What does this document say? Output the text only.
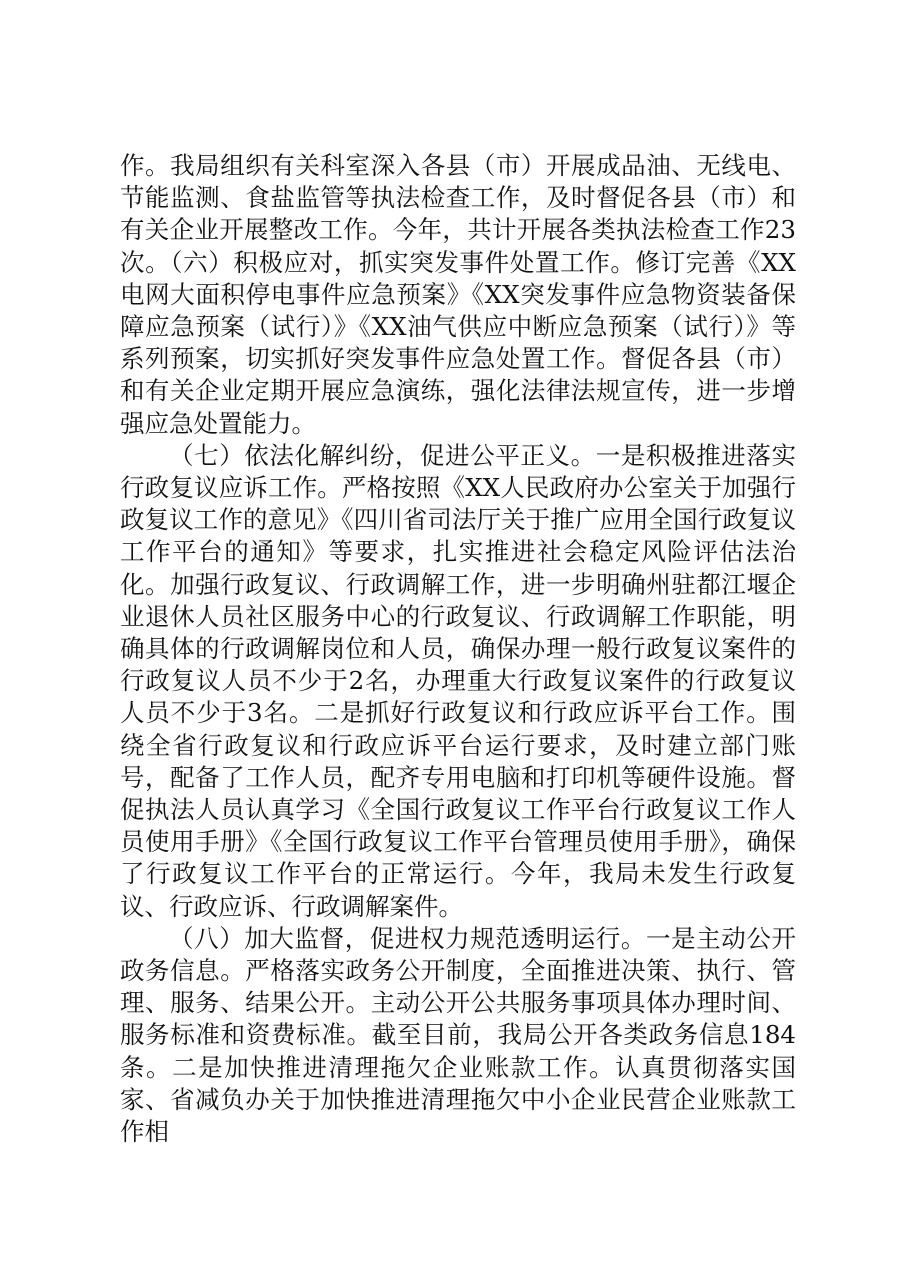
作。我局组织有关科室深入各县（市）开展成品油、无线电、节能监测、食盐监管等执法检查工作，及时督促各县（市）和有关企业开展整改工作。今年，共计开展各类执法检查工作23次。（六）积极应对，抓实突发事件处置工作。修订完善《XX电网大面积停电事件应急预案》《XX突发事件应急物资装备保障应急预案（试行）》《XX油气供应中断应急预案（试行）》等系列预案，切实抓好突发事件应急处置工作。督促各县（市）和有关企业定期开展应急演练，强化法律法规宣传，进一步增强应急处置能力。

（七）依法化解纠纷，促进公平正义。一是积极推进落实行政复议应诉工作。严格按照《XX人民政府办公室关于加强行政复议工作的意见》《四川省司法厅关于推广应用全国行政复议工作平台的通知》等要求，扎实推进社会稳定风险评估法治化。加强行政复议、行政调解工作，进一步明确州驻都江堰企业退休人员社区服务中心的行政复议、行政调解工作职能，明确具体的行政调解岗位和人员，确保办理一般行政复议案件的行政复议人员不少于2名，办理重大行政复议案件的行政复议人员不少于3名。二是抓好行政复议和行政应诉平台工作。围绕全省行政复议和行政应诉平台运行要求，及时建立部门账号，配备了工作人员，配齐专用电脑和打印机等硬件设施。督促执法人员认真学习《全国行政复议工作平台行政复议工作人员使用手册》《全国行政复议工作平台管理员使用手册》，确保了行政复议工作平台的正常运行。今年，我局未发生行政复议、行政应诉、行政调解案件。

（八）加大监督，促进权力规范透明运行。一是主动公开政务信息。严格落实政务公开制度，全面推进决策、执行、管理、服务、结果公开。主动公开公共服务事项具体办理时间、服务标准和资费标准。截至目前，我局公开各类政务信息184条。二是加快推进清理拖欠企业账款工作。认真贯彻落实国家、省减负办关于加快推进清理拖欠中小企业民营企业账款工作相
